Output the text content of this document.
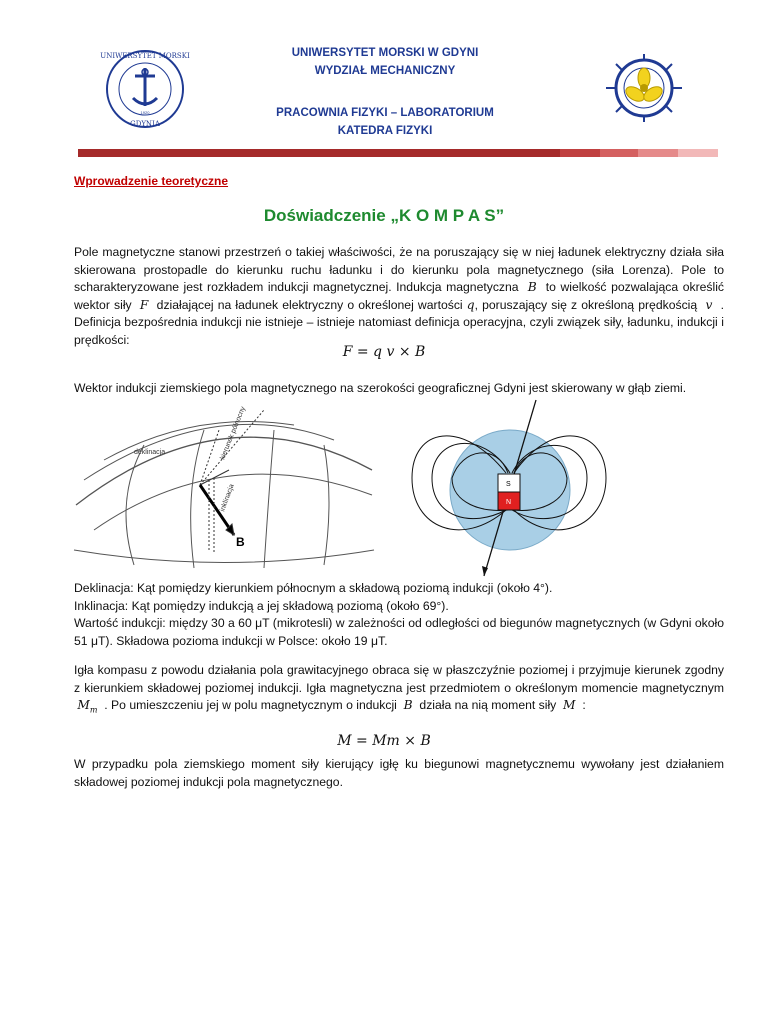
UNIWERSYTET MORSKI
GDYNIA
1920
UNIWERSYTET MORSKI W GDYNI
WYDZIAŁ MECHANICZNY
PRACOWNIA FIZYKI – LABORATORIUM
KATEDRA FIZYKI
Wprowadzenie teoretyczne
Doświadczenie „K O M P A S”

Pole magnetyczne stanowi przestrzeń o takiej właściwości, że na poruszający się w niej ładunek elektryczny działa siła skierowana prostopadle do kierunku ruchu ładunku i do kierunku pola magnetycznego (siła Lorenza). Pole to scharakteryzowane jest rozkładem indukcji magnetycznej. Indukcja magnetyczna B to wielkość pozwalająca określić wektor siły F działającej na ładunek elektryczny o określonej wartości q, poruszający się z określoną prędkością v . Definicja bezpośrednia indukcji nie istnieje – istnieje natomiast definicja operacyjna, czyli związek siły, ładunku, indukcji i prędkości:

F = q v × B

Wektor indukcji ziemskiego pola magnetycznego na szerokości geograficznej Gdyni jest skierowany w głąb ziemi.

deklinacja	kierunek północny
inklinacja
B
S
N

Deklinacja: Kąt pomiędzy kierunkiem północnym a składową poziomą indukcji (około 4°).

Inklinacja: Kąt pomiędzy indukcją a jej składową poziomą (około 69°).

Wartość indukcji: między 30 a 60 μT (mikrotesli) w zależności od odległości od biegunów magnetycznych (w Gdyni około 51 μT). Składowa pozioma indukcji w Polsce: około 19 μT.

Igła kompasu z powodu działania pola grawitacyjnego obraca się w płaszczyźnie poziomej i przyjmuje kierunek zgodny z kierunkiem składowej poziomej indukcji. Igła magnetyczna jest przedmiotem o określonym momencie magnetycznym  $M_m$ . Po umieszczeniu jej w polu magnetycznym o indukcji B działa na nią moment siły M :

M = Mm × B

W przypadku pola ziemskiego moment siły kierujący igłę ku biegunowi magnetycznemu wywołany jest działaniem składowej poziomej indukcji pola magnetycznego.
